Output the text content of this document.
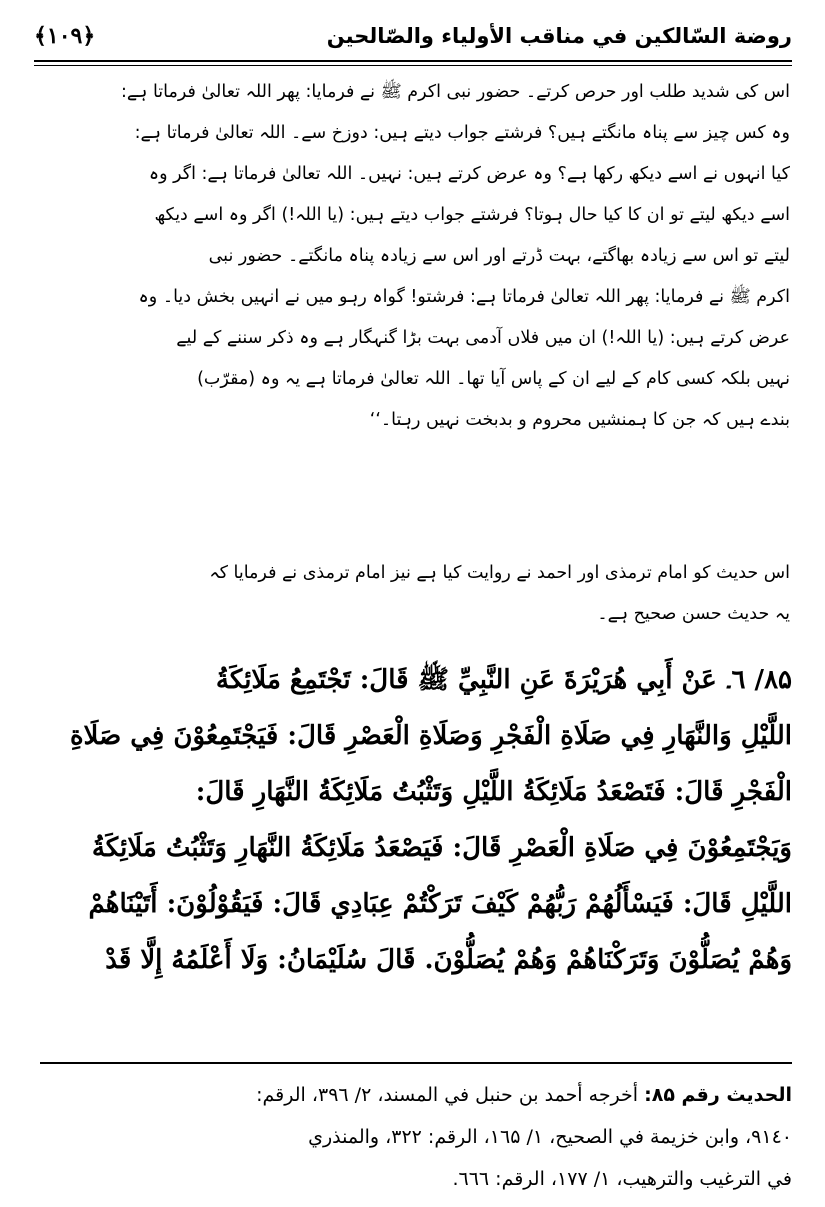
﴿۱۰۹﴾	روضة السّالكين في مناقب الأولياء والصّالحين

اس کی شدید طلب اور حرص کرتے۔ حضور نبی اکرم ﷺ نے فرمایا: پھر اللہ تعالیٰ فرماتا ہے:

وہ کس چیز سے پناہ مانگتے ہیں؟ فرشتے جواب دیتے ہیں: دوزخ سے۔ اللہ تعالیٰ فرماتا ہے:

کیا انہوں نے اسے دیکھ رکھا ہے؟ وہ عرض کرتے ہیں: نہیں۔ اللہ تعالیٰ فرماتا ہے: اگر وہ

اسے دیکھ لیتے تو ان کا کیا حال ہوتا؟ فرشتے جواب دیتے ہیں: (یا اللہ!) اگر وہ اسے دیکھ

لیتے تو اس سے زیادہ بھاگتے، بہت ڈرتے اور اس سے زیادہ پناہ مانگتے۔ حضور نبی

اکرم ﷺ نے فرمایا: پھر اللہ تعالیٰ فرماتا ہے: فرشتو! گواہ رہو میں نے انہیں بخش دیا۔ وہ

عرض کرتے ہیں: (یا اللہ!) ان میں فلاں آدمی بہت بڑا گنہگار ہے وہ ذکر سننے کے لیے

نہیں بلکہ کسی کام کے لیے ان کے پاس آیا تھا۔ اللہ تعالیٰ فرماتا ہے یہ وہ (مقرّب)

بندے ہیں کہ جن کا ہمنشیں محروم و بدبخت نہیں رہتا۔‘‘

اس حدیث کو امام ترمذی اور احمد نے روایت کیا ہے نیز امام ترمذی نے فرمایا کہ

یہ حدیث حسن صحیح ہے۔

۸۵/ ٦۔ عَنْ أَبِي هُرَيْرَةَ عَنِ النَّبِيِّ ﷺ قَالَ: تَجْتَمِعُ مَلَائِكَةُ

اللَّيْلِ وَالنَّهَارِ فِي صَلَاةِ الْفَجْرِ وَصَلَاةِ الْعَصْرِ قَالَ: فَيَجْتَمِعُوْنَ فِي صَلَاةِ

الْفَجْرِ قَالَ: فَتَصْعَدُ مَلَائِكَةُ اللَّيْلِ وَتَثْبُتُ مَلَائِكَةُ النَّهَارِ قَالَ:

وَيَجْتَمِعُوْنَ فِي صَلَاةِ الْعَصْرِ قَالَ: فَيَصْعَدُ مَلَائِكَةُ النَّهَارِ وَتَثْبُتُ مَلَائِكَةُ

اللَّيْلِ قَالَ: فَيَسْأَلُهُمْ رَبُّهُمْ كَيْفَ تَرَكْتُمْ عِبَادِي قَالَ: فَيَقُوْلُوْنَ: أَتَيْنَاهُمْ

وَهُمْ يُصَلُّوْنَ وَتَرَكْنَاهُمْ وَهُمْ يُصَلُّوْنَ. قَالَ سُلَيْمَانُ: وَلَا أَعْلَمُهُ إِلَّا قَدْ

الحديث رقم ۸۵: أخرجه أحمد بن حنبل في المسند، ۲/ ۳۹٦، الرقم:

۹۱٤۰، وابن خزيمة في الصحيح، ۱/ ۱٦۵، الرقم: ۳۲۲، والمنذري

في الترغيب والترهيب، ۱/ ۱۷۷، الرقم: ٦٦٦.
